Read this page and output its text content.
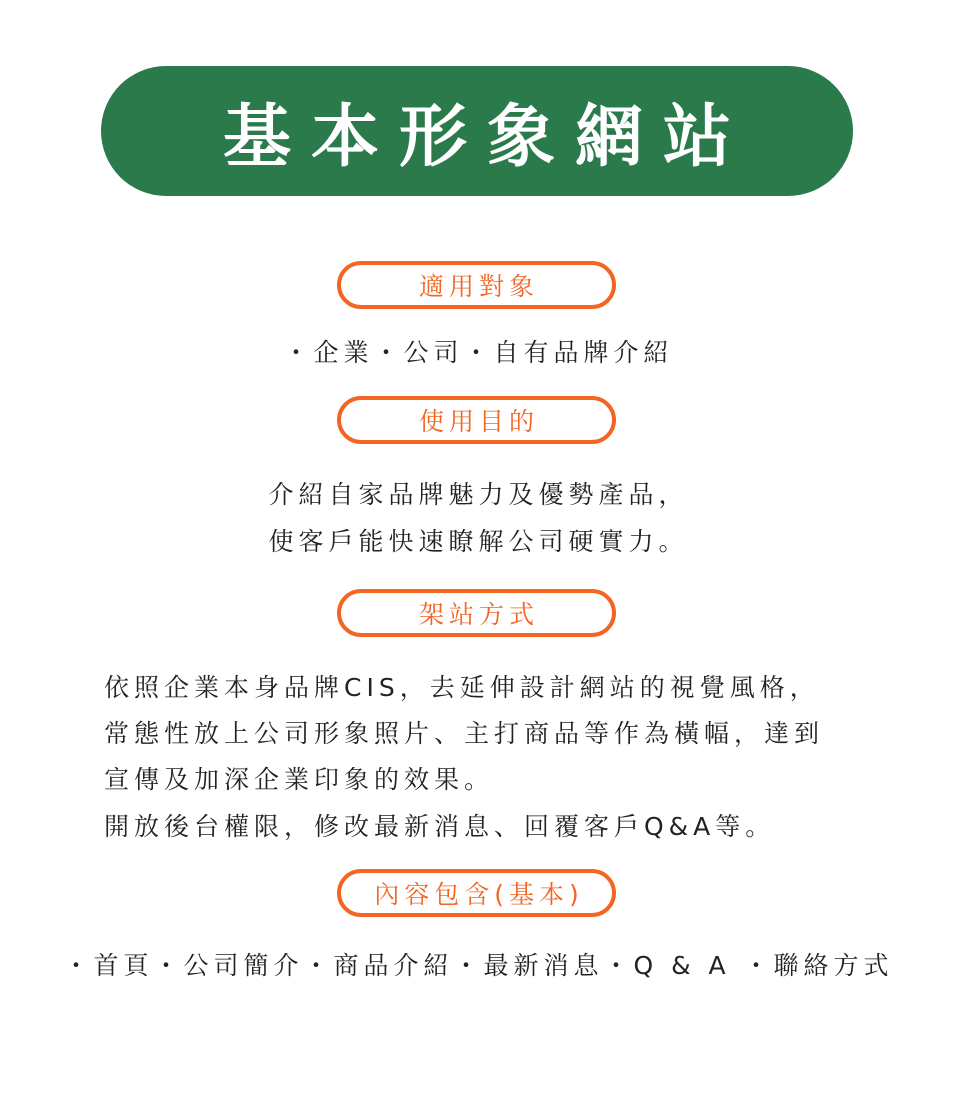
基本形象網站
適用對象
・企業・公司・自有品牌介紹
使用目的
介紹自家品牌魅力及優勢產品，
使客戶能快速瞭解公司硬實力。
架站方式
依照企業本身品牌CIS，去延伸設計網站的視覺風格，
常態性放上公司形象照片、主打商品等作為橫幅，達到
宣傳及加深企業印象的效果。
開放後台權限，修改最新消息、回覆客戶Q&A等。
內容包含(基本)
・首頁・公司簡介・商品介紹・最新消息・Q & A ・聯絡方式
